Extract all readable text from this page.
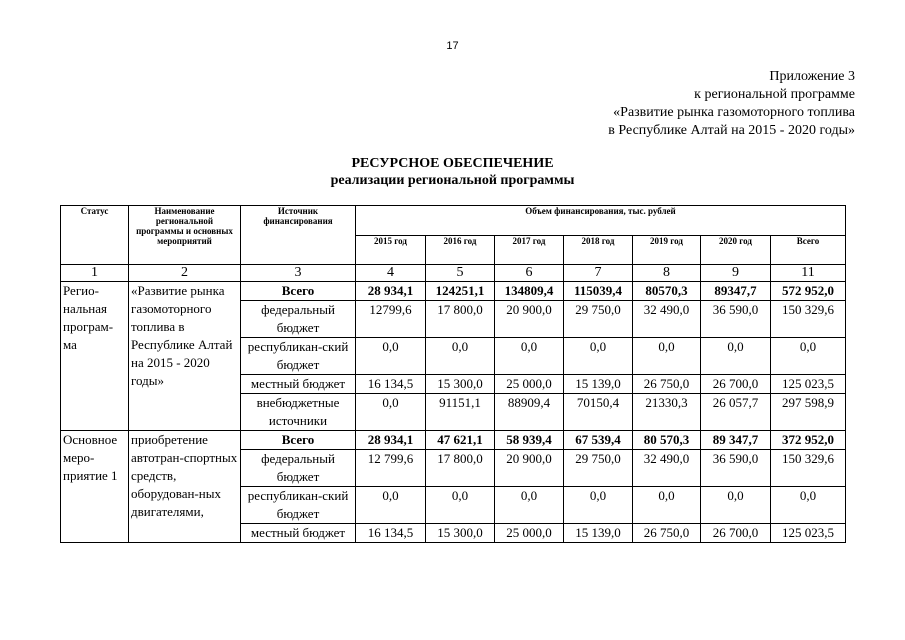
17
Приложение 3
к региональной программе
«Развитие рынка газомоторного топлива
в Республике Алтай на 2015 - 2020 годы»
РЕСУРСНОЕ ОБЕСПЕЧЕНИЕ
реализации региональной программы
Статус	Наименование региональной программы и основных мероприятий	Источник финансирования	Объем финансирования, тыс. рублей						
			2015 год	2016 год	2017 год	2018 год	2019 год	2020 год	Всего
1	2	3	4	5	6	7	8	9	11
Регио-нальная програм-ма	«Развитие рынка газомоторного топлива в Республике Алтай на 2015 - 2020 годы»	Всего	28 934,1	124251,1	134809,4	115039,4	80570,3	89347,7	572 952,0
		федеральный бюджет	12799,6	17 800,0	20 900,0	29 750,0	32 490,0	36 590,0	150 329,6
		республикан-ский бюджет	0,0	0,0	0,0	0,0	0,0	0,0	0,0
		местный бюджет	16 134,5	15 300,0	25 000,0	15 139,0	26 750,0	26 700,0	125 023,5
		внебюджетные источники	0,0	91151,1	88909,4	70150,4	21330,3	26 057,7	297 598,9
Основное меро-приятие 1	приобретение автотран-спортных средств, оборудован-ных двигателями,	Всего	28 934,1	47 621,1	58 939,4	67 539,4	80 570,3	89 347,7	372 952,0
		федеральный бюджет	12 799,6	17 800,0	20 900,0	29 750,0	32 490,0	36 590,0	150 329,6
		республикан-ский бюджет	0,0	0,0	0,0	0,0	0,0	0,0	0,0
		местный бюджет	16 134,5	15 300,0	25 000,0	15 139,0	26 750,0	26 700,0	125 023,5
